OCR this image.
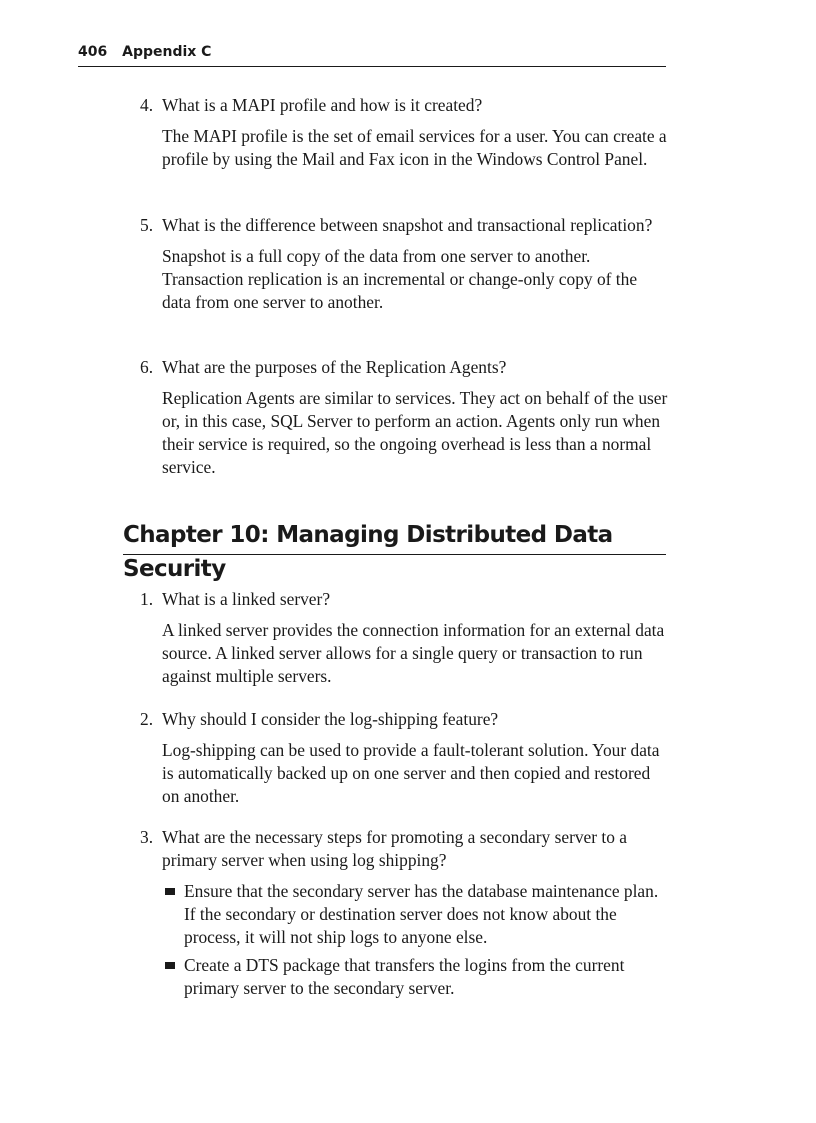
406 Appendix C
4. What is a MAPI profile and how is it created?
The MAPI profile is the set of email services for a user. You can create a profile by using the Mail and Fax icon in the Windows Control Panel.
5. What is the difference between snapshot and transactional replication?
Snapshot is a full copy of the data from one server to another. Transaction replication is an incremental or change-only copy of the data from one server to another.
6. What are the purposes of the Replication Agents?
Replication Agents are similar to services. They act on behalf of the user or, in this case, SQL Server to perform an action. Agents only run when their service is required, so the ongoing overhead is less than a normal service.
Chapter 10: Managing Distributed Data Security
1. What is a linked server?
A linked server provides the connection information for an external data source. A linked server allows for a single query or transaction to run against multiple servers.
2. Why should I consider the log-shipping feature?
Log-shipping can be used to provide a fault-tolerant solution. Your data is automatically backed up on one server and then copied and restored on another.
3. What are the necessary steps for promoting a secondary server to a primary server when using log shipping?
Ensure that the secondary server has the database maintenance plan. If the secondary or destination server does not know about the process, it will not ship logs to anyone else.
Create a DTS package that transfers the logins from the current primary server to the secondary server.
